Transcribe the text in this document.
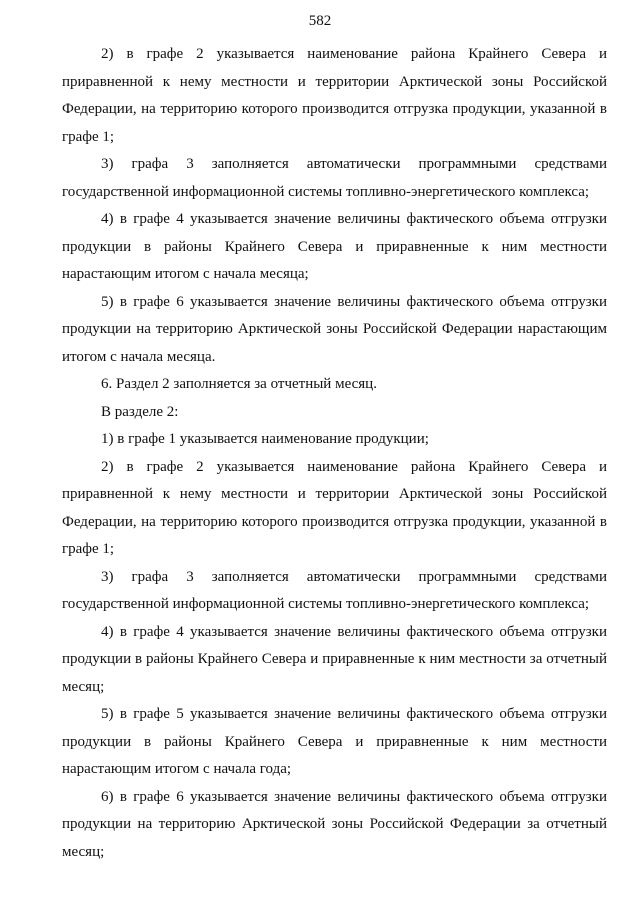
582

2) в графе 2 указывается наименование района Крайнего Севера и приравненной к нему местности и территории Арктической зоны Российской Федерации, на территорию которого производится отгрузка продукции, указанной в графе 1;

3) графа 3 заполняется автоматически программными средствами государственной информационной системы топливно-энергетического комплекса;

4) в графе 4 указывается значение величины фактического объема отгрузки продукции в районы Крайнего Севера и приравненные к ним местности нарастающим итогом с начала месяца;

5) в графе 6 указывается значение величины фактического объема отгрузки продукции на территорию Арктической зоны Российской Федерации нарастающим итогом с начала месяца.

6. Раздел 2 заполняется за отчетный месяц.

В разделе 2:

1) в графе 1 указывается наименование продукции;

2) в графе 2 указывается наименование района Крайнего Севера и приравненной к нему местности и территории Арктической зоны Российской Федерации, на территорию которого производится отгрузка продукции, указанной в графе 1;

3) графа 3 заполняется автоматически программными средствами государственной информационной системы топливно-энергетического комплекса;

4) в графе 4 указывается значение величины фактического объема отгрузки продукции в районы Крайнего Севера и приравненные к ним местности за отчетный месяц;

5) в графе 5 указывается значение величины фактического объема отгрузки продукции в районы Крайнего Севера и приравненные к ним местности нарастающим итогом с начала года;

6) в графе 6 указывается значение величины фактического объема отгрузки продукции на территорию Арктической зоны Российской Федерации за отчетный месяц;
